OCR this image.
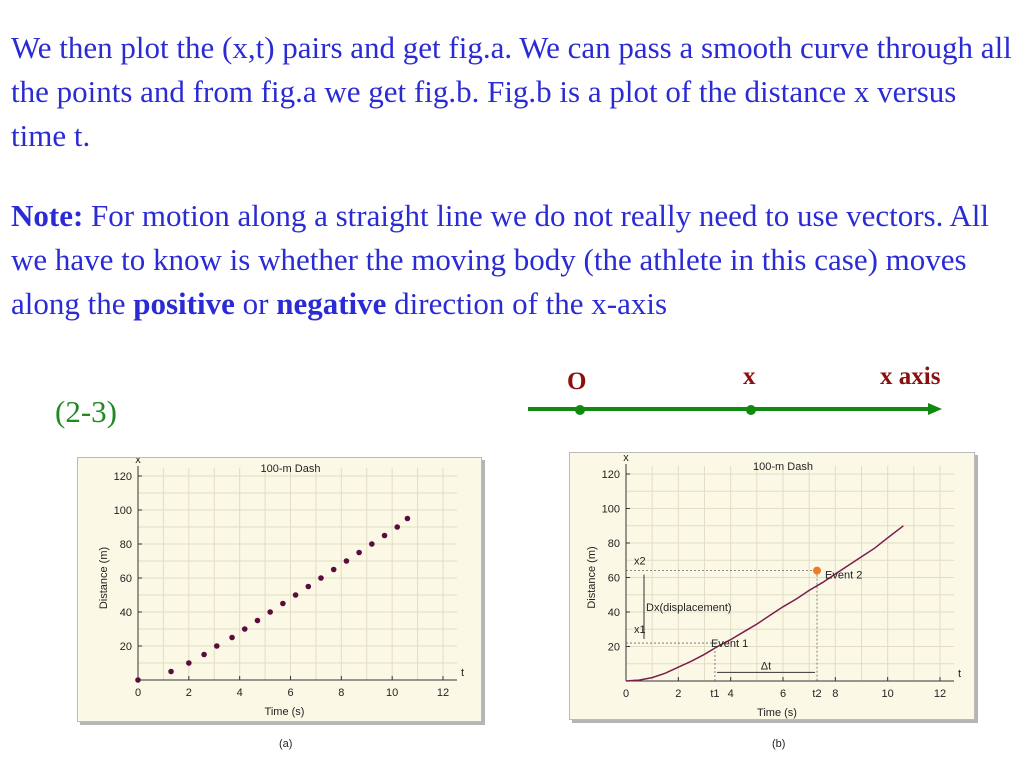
We then plot the (x,t) pairs and get fig.a. We can pass a smooth curve through all the points and from fig.a we get fig.b. Fig.b is a plot of the distance x versus time t.
Note: For motion along a straight line we do not really need to use vectors. All we have to know is whether the moving body (the athlete in this case) moves along the positive or negative direction of the x-axis
(2-3)
O	x	x axis
0	2	4	6	8	10	12
20
40
60
80
100
120
100-m Dash
Time (s)
Distance (m)
x
t
0	2	4	6	8	10	12
20
40
60
80
100
120
100-m Dash
Time (s)
Distance (m)
x
t
Event 2
Event 1
x2
x1
Dx(displacement)
Δt
t1	t2
(a)	(b)
